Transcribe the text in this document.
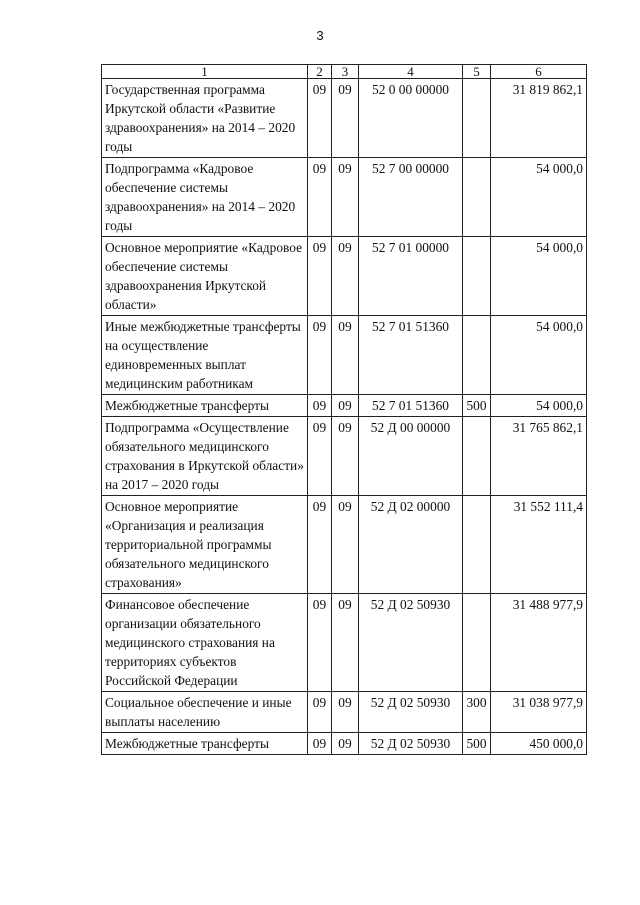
3
1	2	3	4	5	6
Государственная программа Иркутской области «Развитие здравоохранения» на 2014 – 2020 годы	09	09	52 0 00 00000		31 819 862,1
Подпрограмма «Кадровое обеспечение системы здравоохранения» на 2014 – 2020 годы	09	09	52 7 00 00000		54 000,0
Основное мероприятие «Кадровое обеспечение системы здравоохранения Иркутской области»	09	09	52 7 01 00000		54 000,0
Иные межбюджетные трансферты на осуществление единовременных выплат медицинским работникам	09	09	52 7 01 51360		54 000,0
Межбюджетные трансферты	09	09	52 7 01 51360	500	54 000,0
Подпрограмма «Осуществление обязательного медицинского страхования в Иркутской области» на 2017 – 2020 годы	09	09	52 Д 00 00000		31 765 862,1
Основное мероприятие «Организация и реализация территориальной программы обязательного медицинского страхования»	09	09	52 Д 02 00000		31 552 111,4
Финансовое обеспечение организации обязательного медицинского страхования на территориях субъектов Российской Федерации	09	09	52 Д 02 50930		31 488 977,9
Социальное обеспечение и иные выплаты населению	09	09	52 Д 02 50930	300	31 038 977,9
Межбюджетные трансферты	09	09	52 Д 02 50930	500	450 000,0
